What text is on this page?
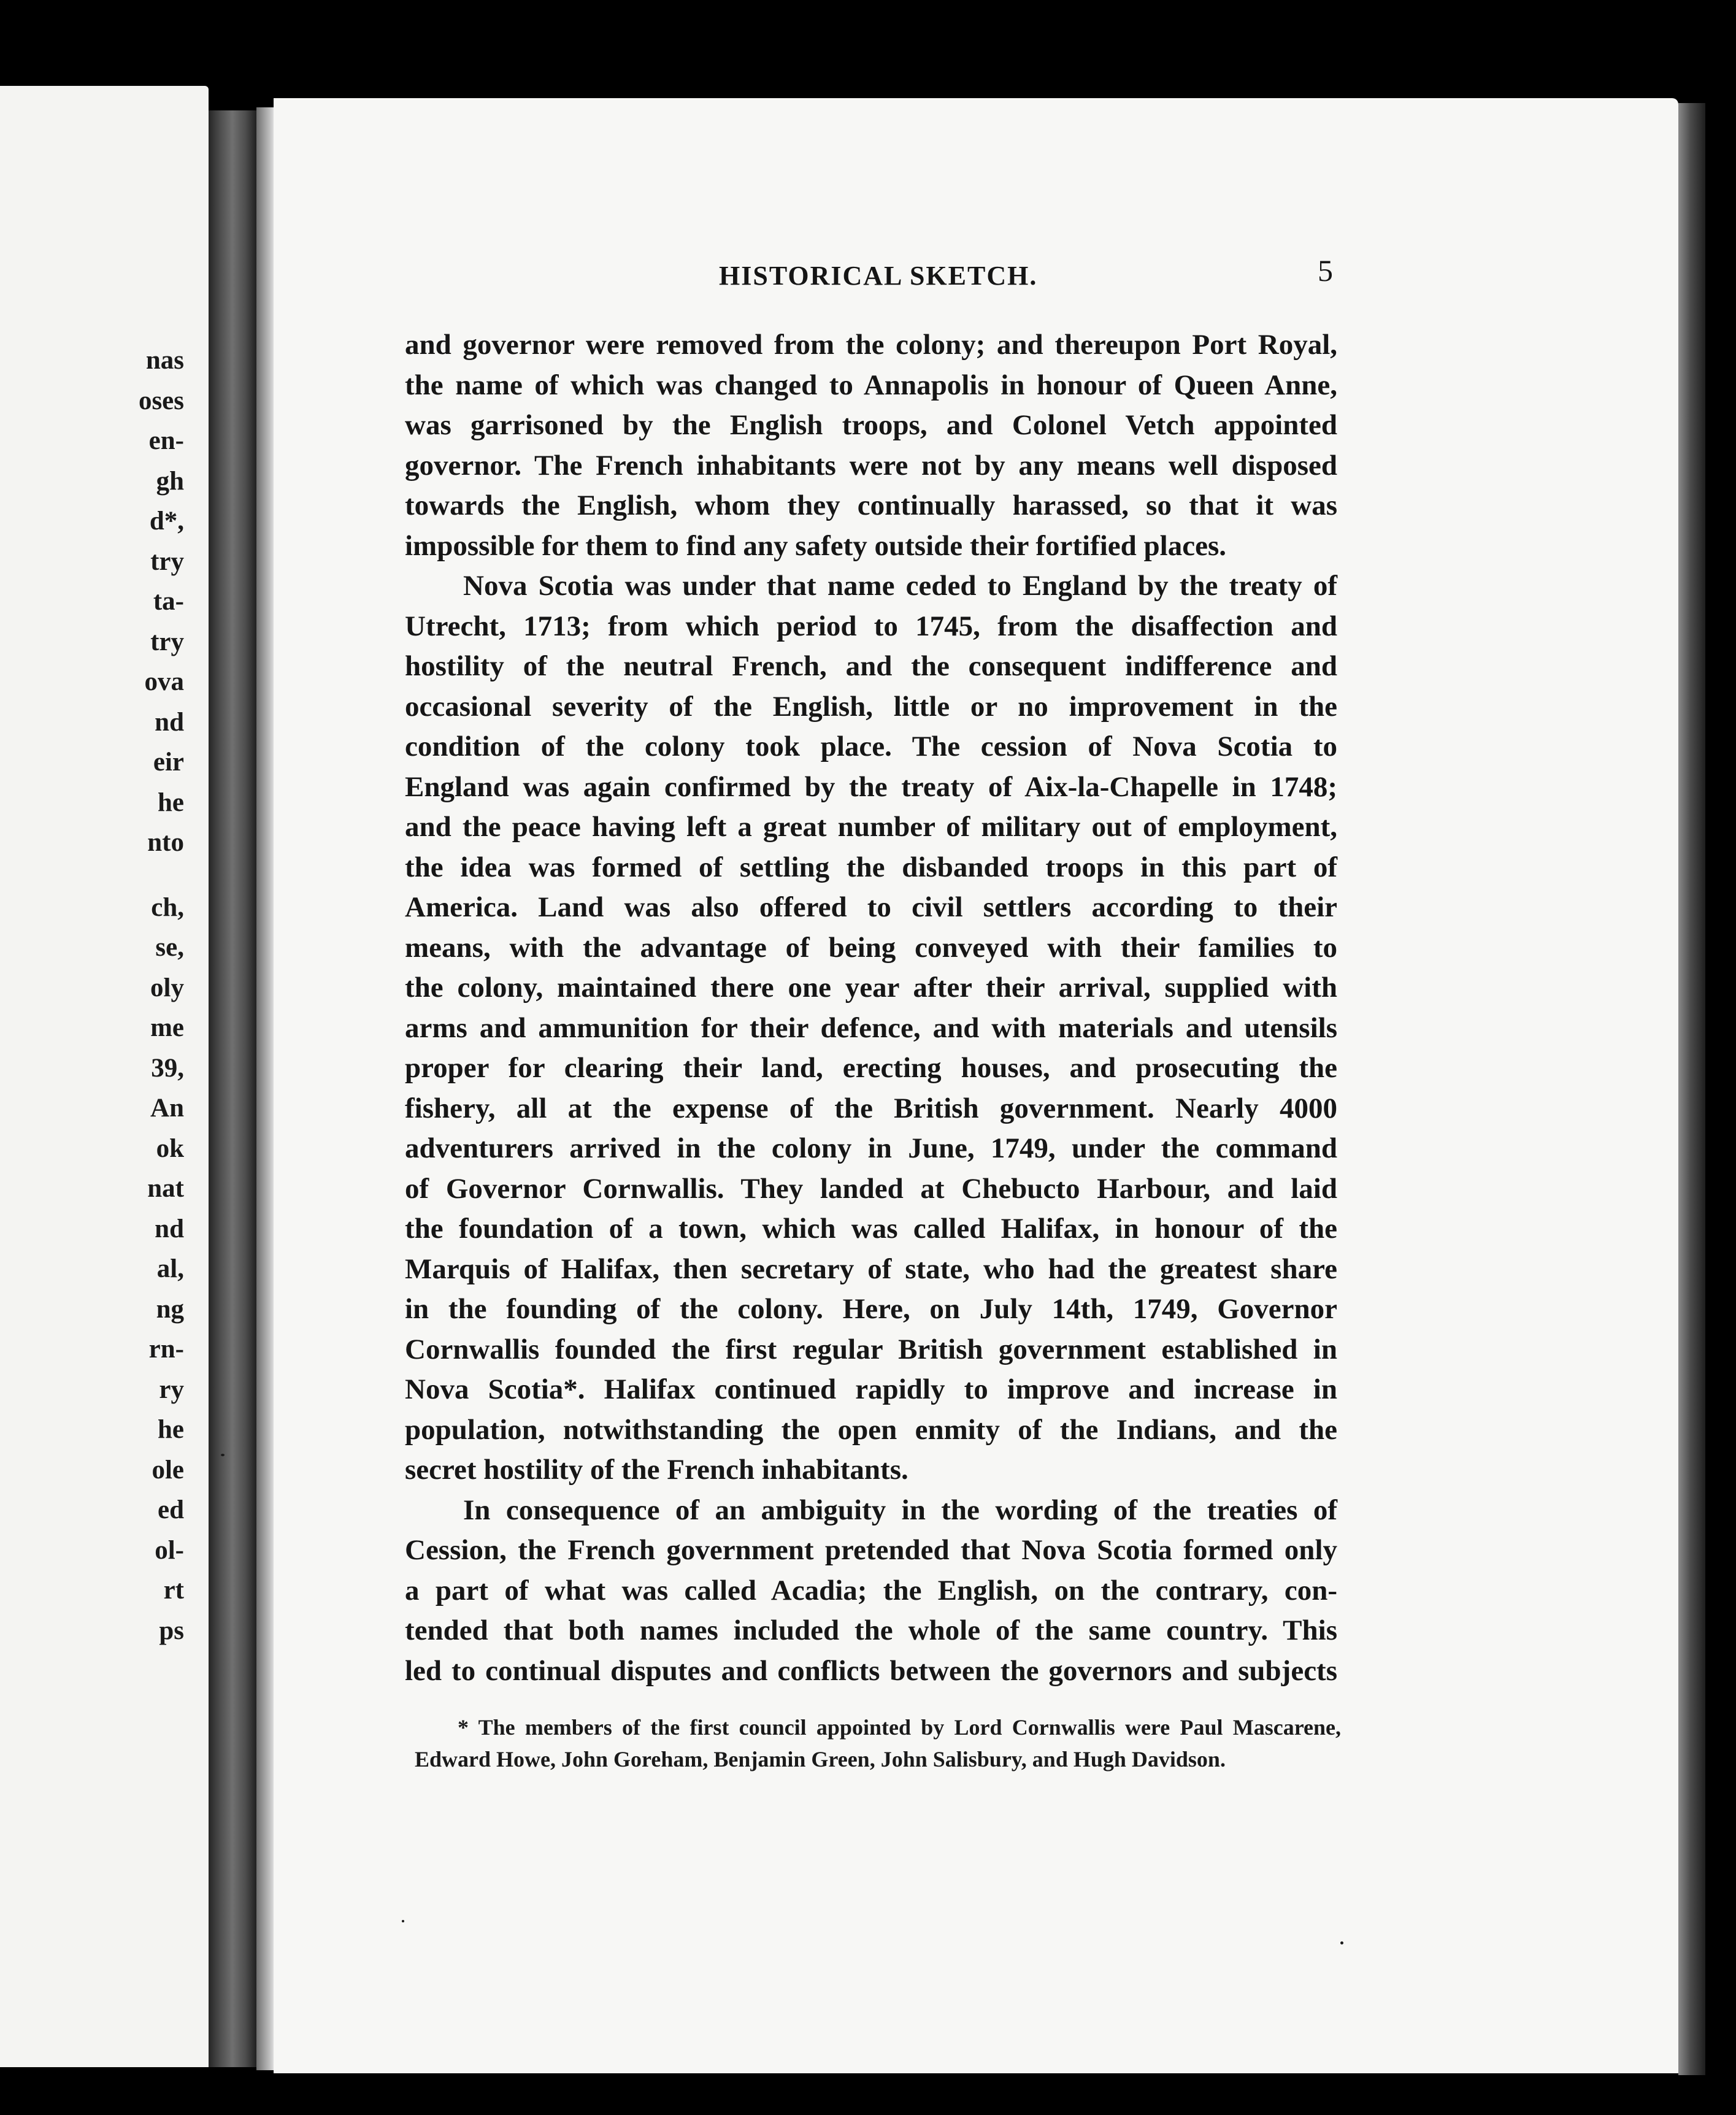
nas
oses
en-
gh
d*,
try
ta-
try
ova
nd
eir
he
nto
ch,
se,
oly
me
39,
An
ok
nat
nd
al,
ng
rn-
ry
he
ole
ed
ol-
rt
ps
HISTORICAL SKETCH.	5
and governor were removed from the colony; and thereupon Port Royal,
the name of which was changed to Annapolis in honour of Queen Anne,
was garrisoned by the English troops, and Colonel Vetch appointed
governor. The French inhabitants were not by any means well disposed
towards the English, whom they continually harassed, so that it was
impossible for them to find any safety outside their fortified places.
Nova Scotia was under that name ceded to England by the treaty of
Utrecht, 1713; from which period to 1745, from the disaffection and
hostility of the neutral French, and the consequent indifference and
occasional severity of the English, little or no improvement in the
condition of the colony took place. The cession of Nova Scotia to
England was again confirmed by the treaty of Aix-la-Chapelle in 1748;
and the peace having left a great number of military out of employment,
the idea was formed of settling the disbanded troops in this part of
America. Land was also offered to civil settlers according to their
means, with the advantage of being conveyed with their families to
the colony, maintained there one year after their arrival, supplied with
arms and ammunition for their defence, and with materials and utensils
proper for clearing their land, erecting houses, and prosecuting the
fishery, all at the expense of the British government. Nearly 4000
adventurers arrived in the colony in June, 1749, under the command
of Governor Cornwallis. They landed at Chebucto Harbour, and laid
the foundation of a town, which was called Halifax, in honour of the
Marquis of Halifax, then secretary of state, who had the greatest share
in the founding of the colony. Here, on July 14th, 1749, Governor
Cornwallis founded the first regular British government established in
Nova Scotia*. Halifax continued rapidly to improve and increase in
population, notwithstanding the open enmity of the Indians, and the
secret hostility of the French inhabitants.
In consequence of an ambiguity in the wording of the treaties of
Cession, the French government pretended that Nova Scotia formed only
a part of what was called Acadia; the English, on the contrary, con-
tended that both names included the whole of the same country. This
led to continual disputes and conflicts between the governors and subjects
* The members of the first council appointed by Lord Cornwallis were Paul Mascarene,
Edward Howe, John Goreham, Benjamin Green, John Salisbury, and Hugh Davidson.
